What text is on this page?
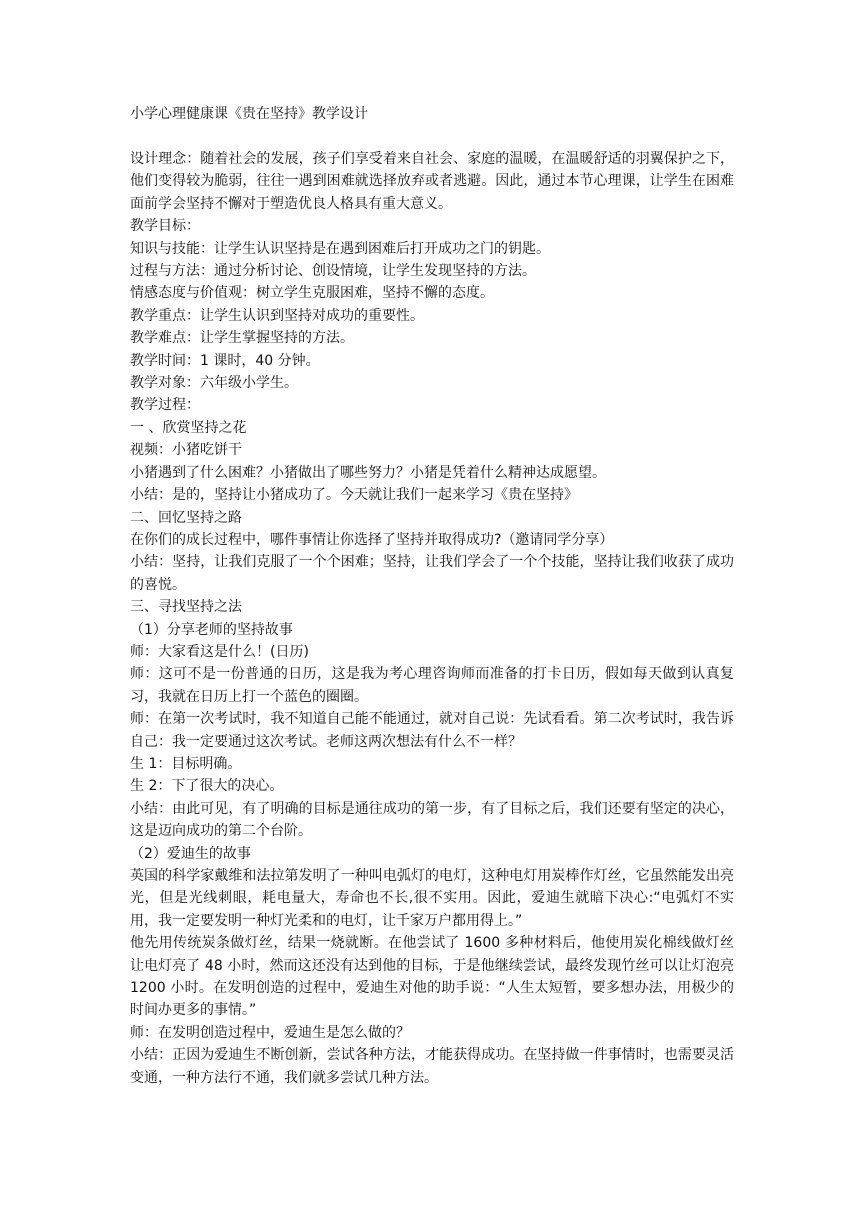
小学心理健康课《贵在坚持》教学设计

设计理念：随着社会的发展，孩子们享受着来自社会、家庭的温暖，在温暖舒适的羽翼保护之下，他们变得较为脆弱，往往一遇到困难就选择放弃或者逃避。因此，通过本节心理课，让学生在困难面前学会坚持不懈对于塑造优良人格具有重大意义。

教学目标：

知识与技能：让学生认识坚持是在遇到困难后打开成功之门的钥匙。

过程与方法：通过分析讨论、创设情境，让学生发现坚持的方法。

情感态度与价值观：树立学生克服困难，坚持不懈的态度。

教学重点：让学生认识到坚持对成功的重要性。

教学难点：让学生掌握坚持的方法。

教学时间：1 课时，40 分钟。

教学对象：六年级小学生。

教学过程：

一 、欣赏坚持之花

视频：小猪吃饼干

小猪遇到了什么困难？小猪做出了哪些努力？小猪是凭着什么精神达成愿望。

小结：是的，坚持让小猪成功了。今天就让我们一起来学习《贵在坚持》

二、回忆坚持之路

在你们的成长过程中，哪件事情让你选择了坚持并取得成功?（邀请同学分享）

小结：坚持，让我们克服了一个个困难；坚持，让我们学会了一个个技能，坚持让我们收获了成功的喜悦。

三、寻找坚持之法

（1）分享老师的坚持故事

师：大家看这是什么！(日历)

师：这可不是一份普通的日历，这是我为考心理咨询师而准备的打卡日历，假如每天做到认真复习，我就在日历上打一个蓝色的圈圈。

师：在第一次考试时，我不知道自己能不能通过，就对自己说：先试看看。第二次考试时，我告诉自己：我一定要通过这次考试。老师这两次想法有什么不一样？

生 1：目标明确。

生 2：下了很大的决心。

小结：由此可见，有了明确的目标是通往成功的第一步，有了目标之后，我们还要有坚定的决心，这是迈向成功的第二个台阶。

（2）爱迪生的故事

英国的科学家戴维和法拉第发明了一种叫电弧灯的电灯，这种电灯用炭棒作灯丝，它虽然能发出亮光，但是光线刺眼，耗电量大，寿命也不长,很不实用。因此，爱迪生就暗下决心:“电弧灯不实用，我一定要发明一种灯光柔和的电灯，让千家万户都用得上。”

他先用传统炭条做灯丝，结果一烧就断。在他尝试了 1600 多种材料后，他使用炭化棉线做灯丝让电灯亮了 48 小时，然而这还没有达到他的目标，于是他继续尝试，最终发现竹丝可以让灯泡亮 1200 小时。在发明创造的过程中，爱迪生对他的助手说：“人生太短暂，要多想办法，用极少的时间办更多的事情。”

师：在发明创造过程中，爱迪生是怎么做的？

小结：正因为爱迪生不断创新，尝试各种方法，才能获得成功。在坚持做一件事情时，也需要灵活变通，一种方法行不通，我们就多尝试几种方法。
